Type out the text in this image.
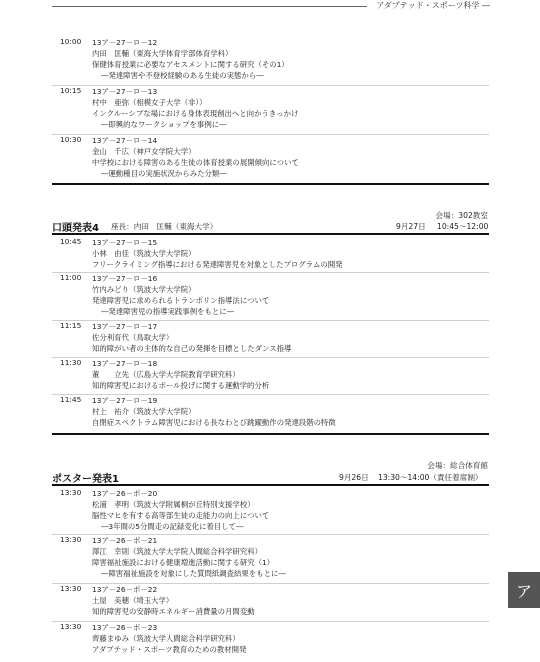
アダプテッド・スポーツ科学 ―
10:00 13ア－27－ロ－12
内田　匡輔（東海大学体育学部体育学科）
保健体育授業に必要なアセスメントに関する研究（その1）
―発達障害や不登校経験のある生徒の実態から―
10:15 13ア－27－ロ－13
村中　亜弥（相模女子大学（非））
インクルーシブな場における身体表現創出へと向かうきっかけ
―即興的なワークショップを事例に―
10:30 13ア－27－ロ－14
金山　千広（神戸女学院大学）
中学校における障害のある生徒の体育授業の展開傾向について
―運動種目の実施状況からみた分類―
会場：302教室
口頭発表4 座長：内田　匡輔（東海大学）	9月27日 10:45～12:00
10:45 13ア－27－ロ－15
小林　由佳（筑波大学大学院）
フリークライミング指導における発達障害児を対象としたプログラムの開発
11:00 13ア－27－ロ－16
竹内みどり（筑波大学大学院）
発達障害児に求められるトランポリン指導法について
―発達障害児の指導実践事例をもとに―
11:15 13ア－27－ロ－17
佐分利育代（鳥取大学）
知的障がい者の主体的な自己の発揮を目標としたダンス指導
11:30 13ア－27－ロ－18
董　　立先（広島大学大学院教育学研究科）
知的障害児におけるボール投げに関する運動学的分析
11:45 13ア－27－ロ－19
村上　祐介（筑波大学大学院）
自閉症スペクトラム障害児における長なわとび跳躍動作の発達段階の特徴
会場：総合体育館
ポスター発表1	9月26日 13:30～14:00（責任着席制）
13:30 13ア－26－ポ－20
松浦　孝明（筑波大学附属桐が丘特別支援学校）
脳性マヒを有する高等部生徒の走能力の向上について
―3年間の5分間走の記録変化に着目して―
13:30 13ア－26－ポ－21
澤江　幸則（筑波大学大学院人間総合科学研究科）
障害福祉施設における健康増進活動に関する研究（1）
―障害福祉施設を対象にした質問紙調査結果をもとに―
13:30 13ア－26－ポ－22
土屋　美穂（埼玉大学）
知的障害児の安静時エネルギー消費量の月間変動
13:30 13ア－26－ポ－23
齊藤まゆみ（筑波大学人間総合科学研究科）
アダプテッド・スポーツ教育のための教材開発
ア
